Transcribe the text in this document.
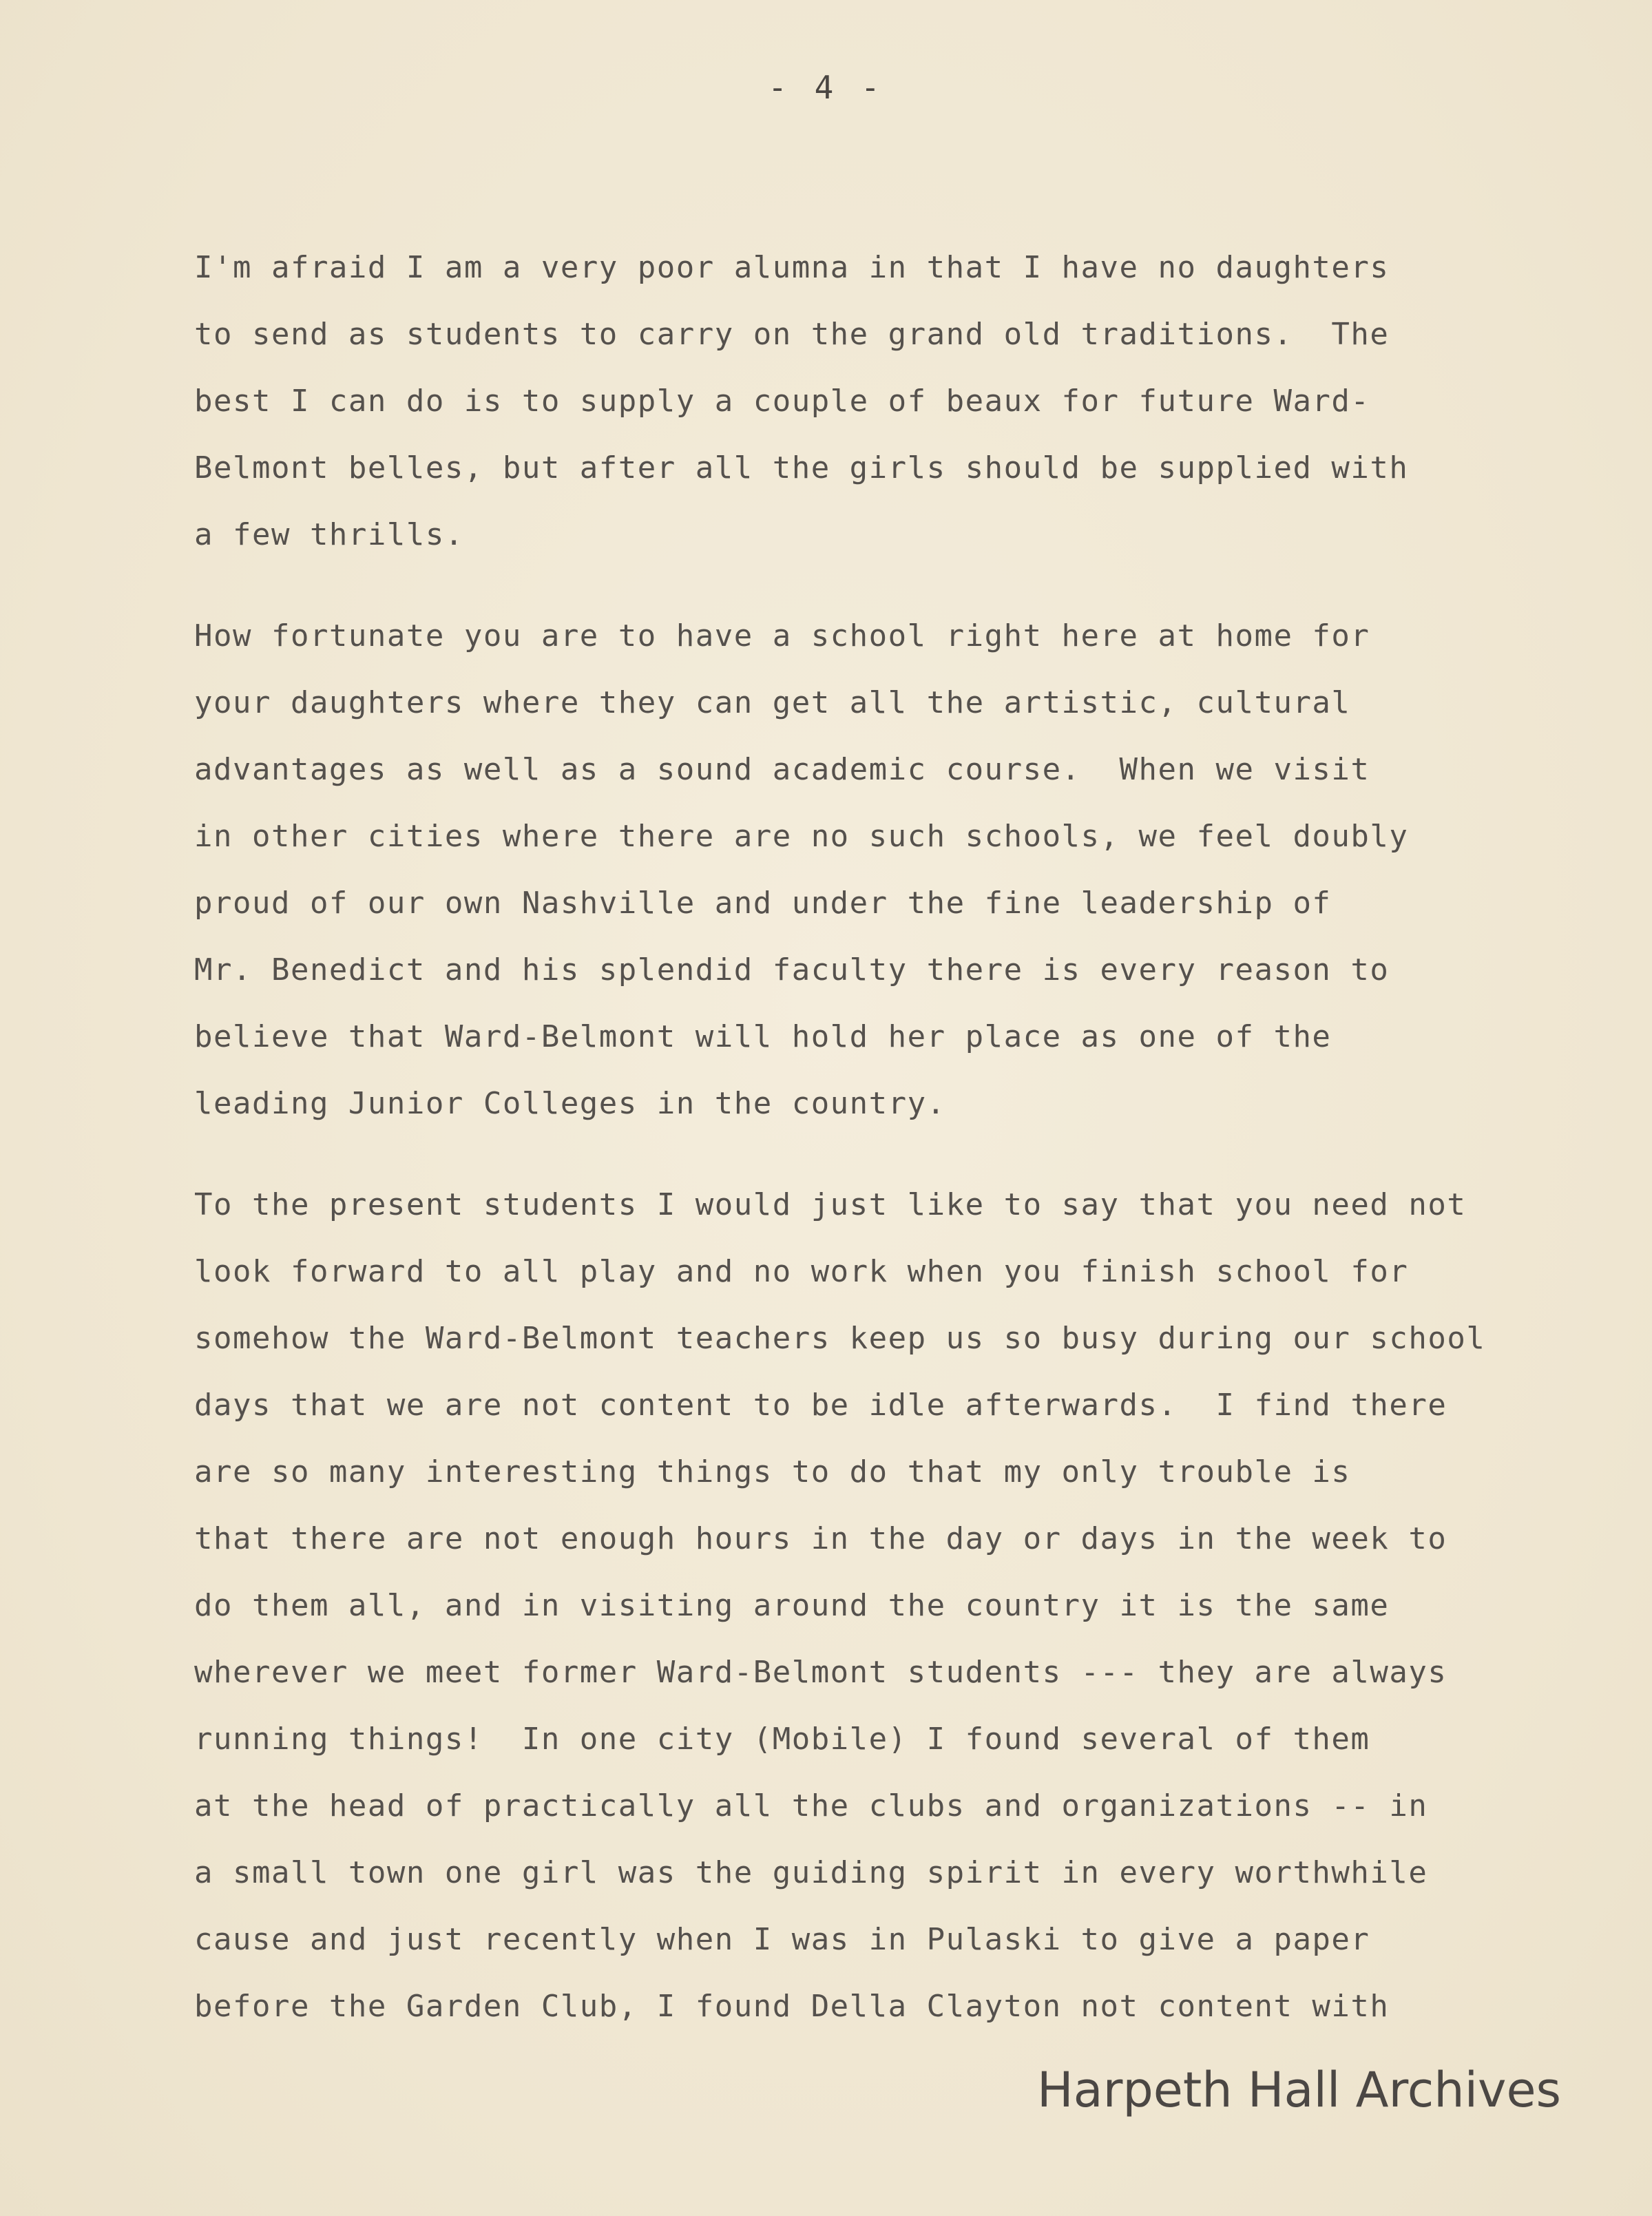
- 4 -
I'm afraid I am a very poor alumna in that I have no daughters
to send as students to carry on the grand old traditions.  The
best I can do is to supply a couple of beaux for future Ward-
Belmont belles, but after all the girls should be supplied with
a few thrills.
How fortunate you are to have a school right here at home for
your daughters where they can get all the artistic, cultural
advantages as well as a sound academic course.  When we visit
in other cities where there are no such schools, we feel doubly
proud of our own Nashville and under the fine leadership of
Mr. Benedict and his splendid faculty there is every reason to
believe that Ward-Belmont will hold her place as one of the
leading Junior Colleges in the country.
To the present students I would just like to say that you need not
look forward to all play and no work when you finish school for
somehow the Ward-Belmont teachers keep us so busy during our school
days that we are not content to be idle afterwards.  I find there
are so many interesting things to do that my only trouble is
that there are not enough hours in the day or days in the week to
do them all, and in visiting around the country it is the same
wherever we meet former Ward-Belmont students --- they are always
running things!  In one city (Mobile) I found several of them
at the head of practically all the clubs and organizations -- in
a small town one girl was the guiding spirit in every worthwhile
cause and just recently when I was in Pulaski to give a paper
before the Garden Club, I found Della Clayton not content with
Harpeth Hall Archives
